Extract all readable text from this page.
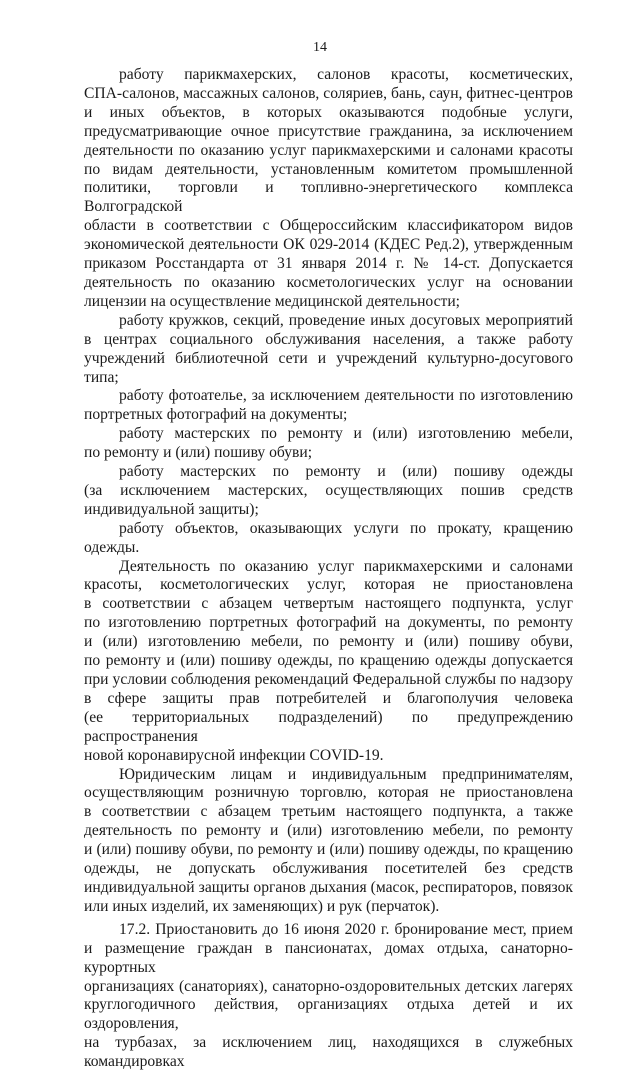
14
работу парикмахерских, салонов красоты, косметических,
СПА-салонов, массажных салонов, соляриев, бань, саун, фитнес-центров
и иных объектов, в которых оказываются подобные услуги,
предусматривающие очное присутствие гражданина, за исключением
деятельности по оказанию услуг парикмахерскими и салонами красоты
по видам деятельности, установленным комитетом промышленной
политики, торговли и топливно-энергетического комплекса Волгоградской
области в соответствии с Общероссийским классификатором видов
экономической деятельности ОК 029-2014 (КДЕС Ред.2), утвержденным
приказом Росстандарта от 31 января 2014 г. № 14-ст. Допускается
деятельность по оказанию косметологических услуг на основании
лицензии на осуществление медицинской деятельности;
работу кружков, секций, проведение иных досуговых мероприятий
в центрах социального обслуживания населения, а также работу
учреждений библиотечной сети и учреждений культурно-досугового типа;
работу фотоателье, за исключением деятельности по изготовлению
портретных фотографий на документы;
работу мастерских по ремонту и (или) изготовлению мебели,
по ремонту и (или) пошиву обуви;
работу мастерских по ремонту и (или) пошиву одежды
(за исключением мастерских, осуществляющих пошив средств
индивидуальной защиты);
работу объектов, оказывающих услуги по прокату, кращению одежды.
Деятельность по оказанию услуг парикмахерскими и салонами
красоты, косметологических услуг, которая не приостановлена
в соответствии с абзацем четвертым настоящего подпункта, услуг
по изготовлению портретных фотографий на документы, по ремонту
и (или) изготовлению мебели, по ремонту и (или) пошиву обуви,
по ремонту и (или) пошиву одежды, по кращению одежды допускается
при условии соблюдения рекомендаций Федеральной службы по надзору
в сфере защиты прав потребителей и благополучия человека
(ее территориальных подразделений) по предупреждению распространения
новой коронавирусной инфекции COVID-19.
Юридическим лицам и индивидуальным предпринимателям,
осуществляющим розничную торговлю, которая не приостановлена
в соответствии с абзацем третьим настоящего подпункта, а также
деятельность по ремонту и (или) изготовлению мебели, по ремонту
и (или) пошиву обуви, по ремонту и (или) пошиву одежды, по кращению
одежды, не допускать обслуживания посетителей без средств
индивидуальной защиты органов дыхания (масок, респираторов, повязок
или иных изделий, их заменяющих) и рук (перчаток).
17.2. Приостановить до 16 июня 2020 г. бронирование мест, прием
и размещение граждан в пансионатах, домах отдыха, санаторно-курортных
организациях (санаториях), санаторно-оздоровительных детских лагерях
круглогодичного действия, организациях отдыха детей и их оздоровления,
на турбазах, за исключением лиц, находящихся в служебных командировках
